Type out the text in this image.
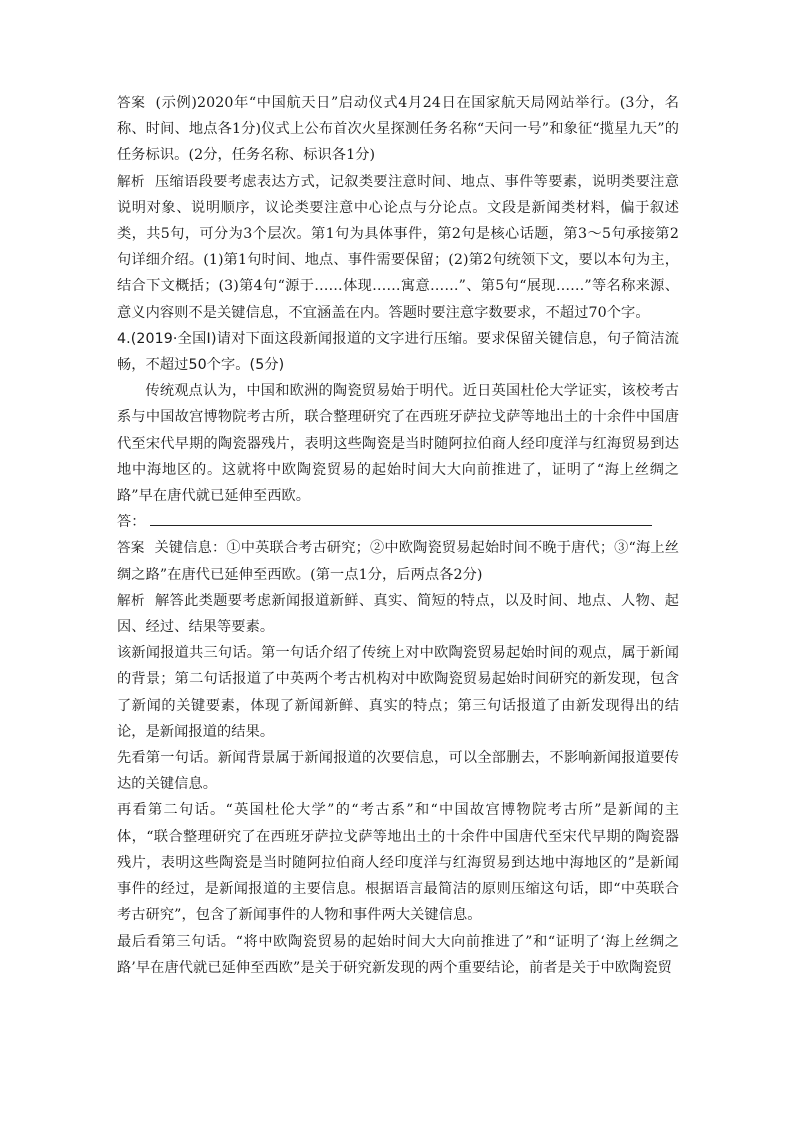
答案 (示例)2020年“中国航天日”启动仪式4月24日在国家航天局网站举行。(3分，名称、时间、地点各1分)仪式上公布首次火星探测任务名称“天问一号”和象征“揽星九天”的任务标识。(2分，任务名称、标识各1分)

解析 压缩语段要考虑表达方式，记叙类要注意时间、地点、事件等要素，说明类要注意说明对象、说明顺序，议论类要注意中心论点与分论点。文段是新闻类材料，偏于叙述类，共5句，可分为3个层次。第1句为具体事件，第2句是核心话题，第3～5句承接第2句详细介绍。(1)第1句时间、地点、事件需要保留；(2)第2句统领下文，要以本句为主，结合下文概括；(3)第4句“源于……体现……寓意……”、第5句“展现……”等名称来源、意义内容则不是关键信息，不宜涵盖在内。答题时要注意字数要求，不超过70个字。

4.(2019·全国Ⅰ)请对下面这段新闻报道的文字进行压缩。要求保留关键信息，句子简洁流畅，不超过50个字。(5分)

传统观点认为，中国和欧洲的陶瓷贸易始于明代。近日英国杜伦大学证实，该校考古系与中国故宫博物院考古所，联合整理研究了在西班牙萨拉戈萨等地出土的十余件中国唐代至宋代早期的陶瓷器残片，表明这些陶瓷是当时随阿拉伯商人经印度洋与红海贸易到达地中海地区的。这就将中欧陶瓷贸易的起始时间大大向前推进了，证明了“海上丝绸之路”早在唐代就已延伸至西欧。

答：

答案 关键信息：①中英联合考古研究；②中欧陶瓷贸易起始时间不晚于唐代；③“海上丝绸之路”在唐代已延伸至西欧。(第一点1分，后两点各2分)

解析 解答此类题要考虑新闻报道新鲜、真实、简短的特点，以及时间、地点、人物、起因、经过、结果等要素。

该新闻报道共三句话。第一句话介绍了传统上对中欧陶瓷贸易起始时间的观点，属于新闻的背景；第二句话报道了中英两个考古机构对中欧陶瓷贸易起始时间研究的新发现，包含了新闻的关键要素，体现了新闻新鲜、真实的特点；第三句话报道了由新发现得出的结论，是新闻报道的结果。

先看第一句话。新闻背景属于新闻报道的次要信息，可以全部删去，不影响新闻报道要传达的关键信息。

再看第二句话。“英国杜伦大学”的“考古系”和“中国故宫博物院考古所”是新闻的主体，“联合整理研究了在西班牙萨拉戈萨等地出土的十余件中国唐代至宋代早期的陶瓷器残片，表明这些陶瓷是当时随阿拉伯商人经印度洋与红海贸易到达地中海地区的”是新闻事件的经过，是新闻报道的主要信息。根据语言最简洁的原则压缩这句话，即“中英联合考古研究”，包含了新闻事件的人物和事件两大关键信息。

最后看第三句话。“将中欧陶瓷贸易的起始时间大大向前推进了”和“证明了‘海上丝绸之路’早在唐代就已延伸至西欧”是关于研究新发现的两个重要结论，前者是关于中欧陶瓷贸
